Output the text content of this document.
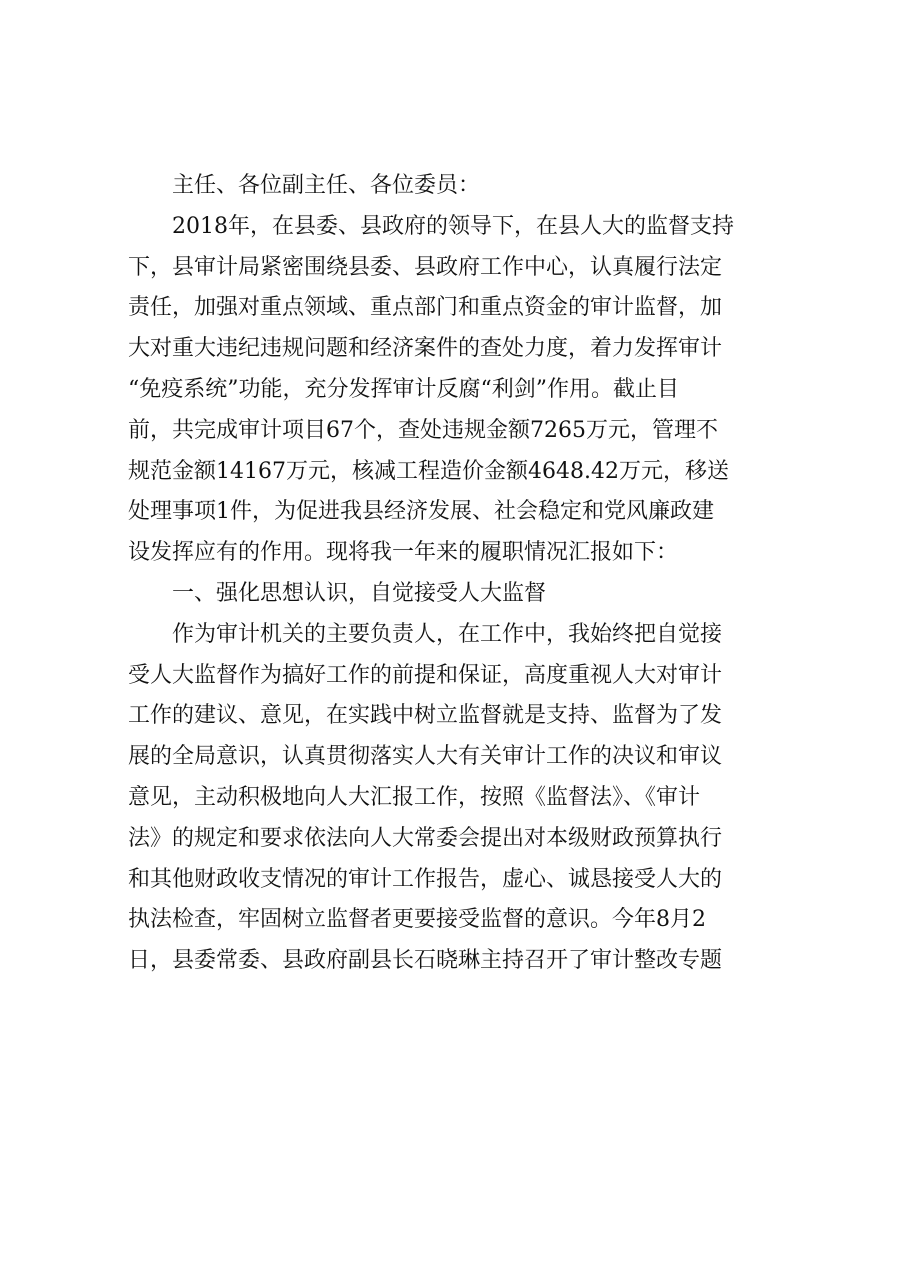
主任、各位副主任、各位委员：
2018年，在县委、县政府的领导下，在县人大的监督支持
下，县审计局紧密围绕县委、县政府工作中心，认真履行法定
责任，加强对重点领域、重点部门和重点资金的审计监督，加
大对重大违纪违规问题和经济案件的查处力度，着力发挥审计
“免疫系统”功能，充分发挥审计反腐“利剑”作用。截止目
前，共完成审计项目67个，查处违规金额7265万元，管理不
规范金额14167万元，核减工程造价金额4648.42万元，移送
处理事项1件，为促进我县经济发展、社会稳定和党风廉政建
设发挥应有的作用。现将我一年来的履职情况汇报如下：
一、强化思想认识，自觉接受人大监督
作为审计机关的主要负责人，在工作中，我始终把自觉接
受人大监督作为搞好工作的前提和保证，高度重视人大对审计
工作的建议、意见，在实践中树立监督就是支持、监督为了发
展的全局意识，认真贯彻落实人大有关审计工作的决议和审议
意见，主动积极地向人大汇报工作，按照《监督法》、《审计
法》的规定和要求依法向人大常委会提出对本级财政预算执行
和其他财政收支情况的审计工作报告，虚心、诚恳接受人大的
执法检查，牢固树立监督者更要接受监督的意识。今年8月2
日，县委常委、县政府副县长石晓琳主持召开了审计整改专题
